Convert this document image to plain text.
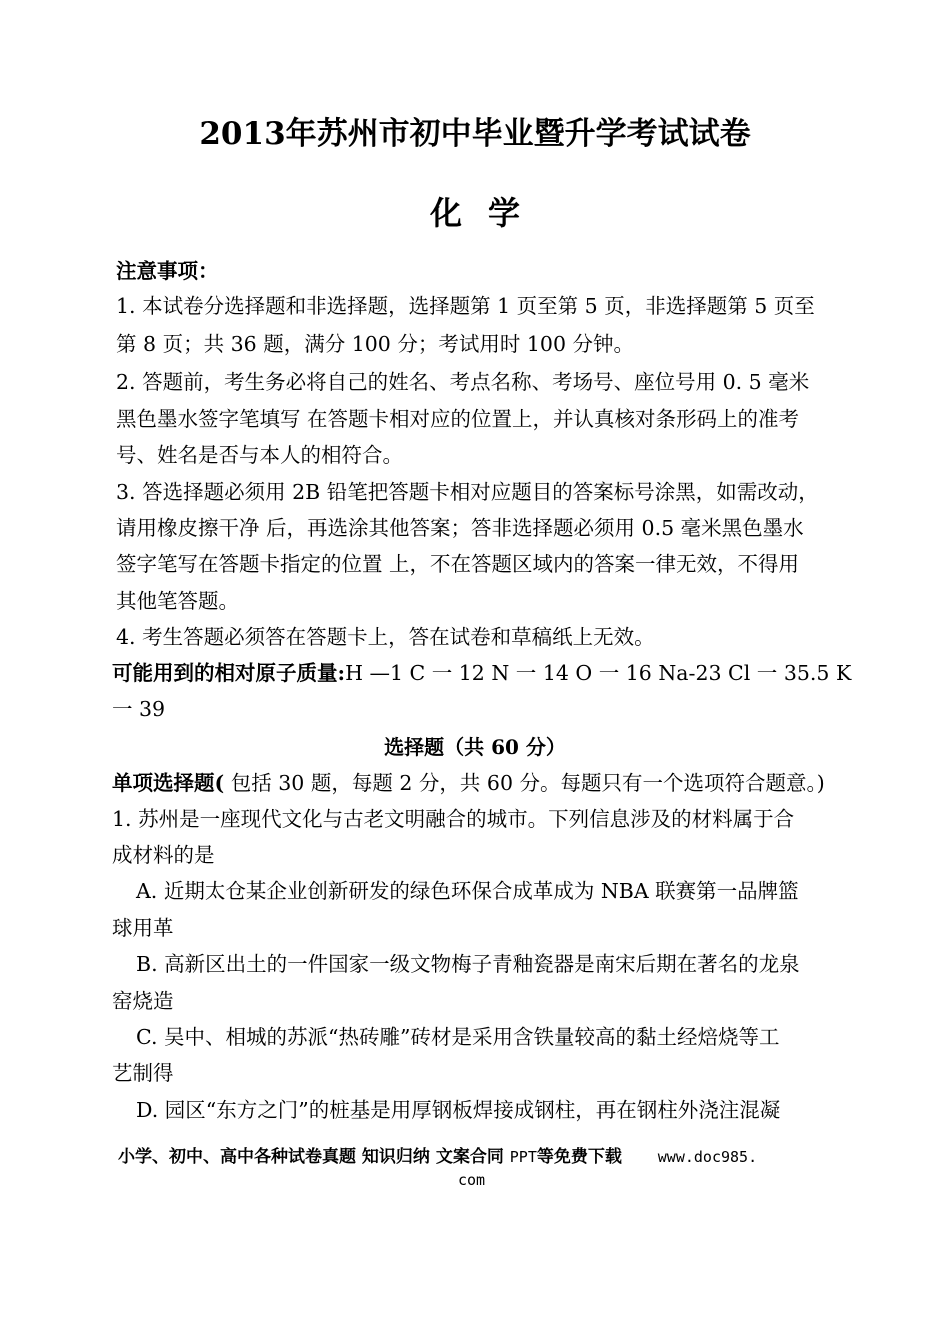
2013年苏州市初中毕业暨升学考试试卷
化学
注意事项：
1. 本试卷分选择题和非选择题，选择题第 1 页至第 5 页，非选择题第 5 页至
第 8 页；共 36 题，满分 100 分；考试用时 100 分钟。
2. 答题前，考生务必将自己的姓名、考点名称、考场号、座位号用 0. 5 毫米
黑色墨水签字笔填写 在答题卡相对应的位置上，并认真核对条形码上的准考
号、姓名是否与本人的相符合。
3. 答选择题必须用 2B 铅笔把答题卡相对应题目的答案标号涂黑，如需改动，
请用橡皮擦干净 后，再选涂其他答案；答非选择题必须用 0.5 毫米黑色墨水
签字笔写在答题卡指定的位置 上，不在答题区域内的答案一律无效，不得用
其他笔答题。
4. 考生答题必须答在答题卡上，答在试卷和草稿纸上无效。
可能用到的相对原子质量:H —1 C 一 12 N 一 14 O 一 16 Na-23 Cl 一 35.5 K
一 39
选择题（共 60 分）
单项选择题( 包括 30 题，每题 2 分，共 60 分。每题只有一个选项符合题意。)
1. 苏州是一座现代文化与古老文明融合的城市。下列信息涉及的材料属于合
成材料的是
A. 近期太仓某企业创新研发的绿色环保合成革成为 NBA 联赛第一品牌篮
球用革
B. 高新区出土的一件国家一级文物梅子青釉瓷器是南宋后期在著名的龙泉
窑烧造
C. 吴中、相城的苏派“热砖雕”砖材是采用含铁量较高的黏土经焙烧等工
艺制得
D. 园区“东方之门”的桩基是用厚钢板焊接成钢柱，再在钢柱外浇注混凝
小学、初中、高中各种试卷真题 知识归纳 文案合同 PPT等免费下载 www.doc985.
com
